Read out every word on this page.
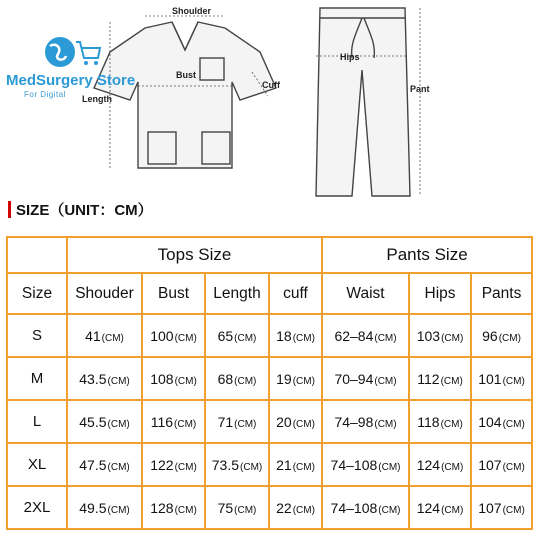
Shoulder
Bust
Cuff
Length
Hips
Pant
MedSurgery Store
For Digital
SIZE（UNIT：CM）
	Tops Size				Pants Size		
Size	Shouder	Bust	Length	cuff	Waist	Hips	Pants
S	41(CM)	100(CM)	65(CM)	18(CM)	62–84(CM)	103(CM)	96(CM)
M	43.5(CM)	108(CM)	68(CM)	19(CM)	70–94(CM)	112(CM)	101(CM)
L	45.5(CM)	116(CM)	71(CM)	20(CM)	74–98(CM)	118(CM)	104(CM)
XL	47.5(CM)	122(CM)	73.5(CM)	21(CM)	74–108(CM)	124(CM)	107(CM)
2XL	49.5(CM)	128(CM)	75(CM)	22(CM)	74–108(CM)	124(CM)	107(CM)
